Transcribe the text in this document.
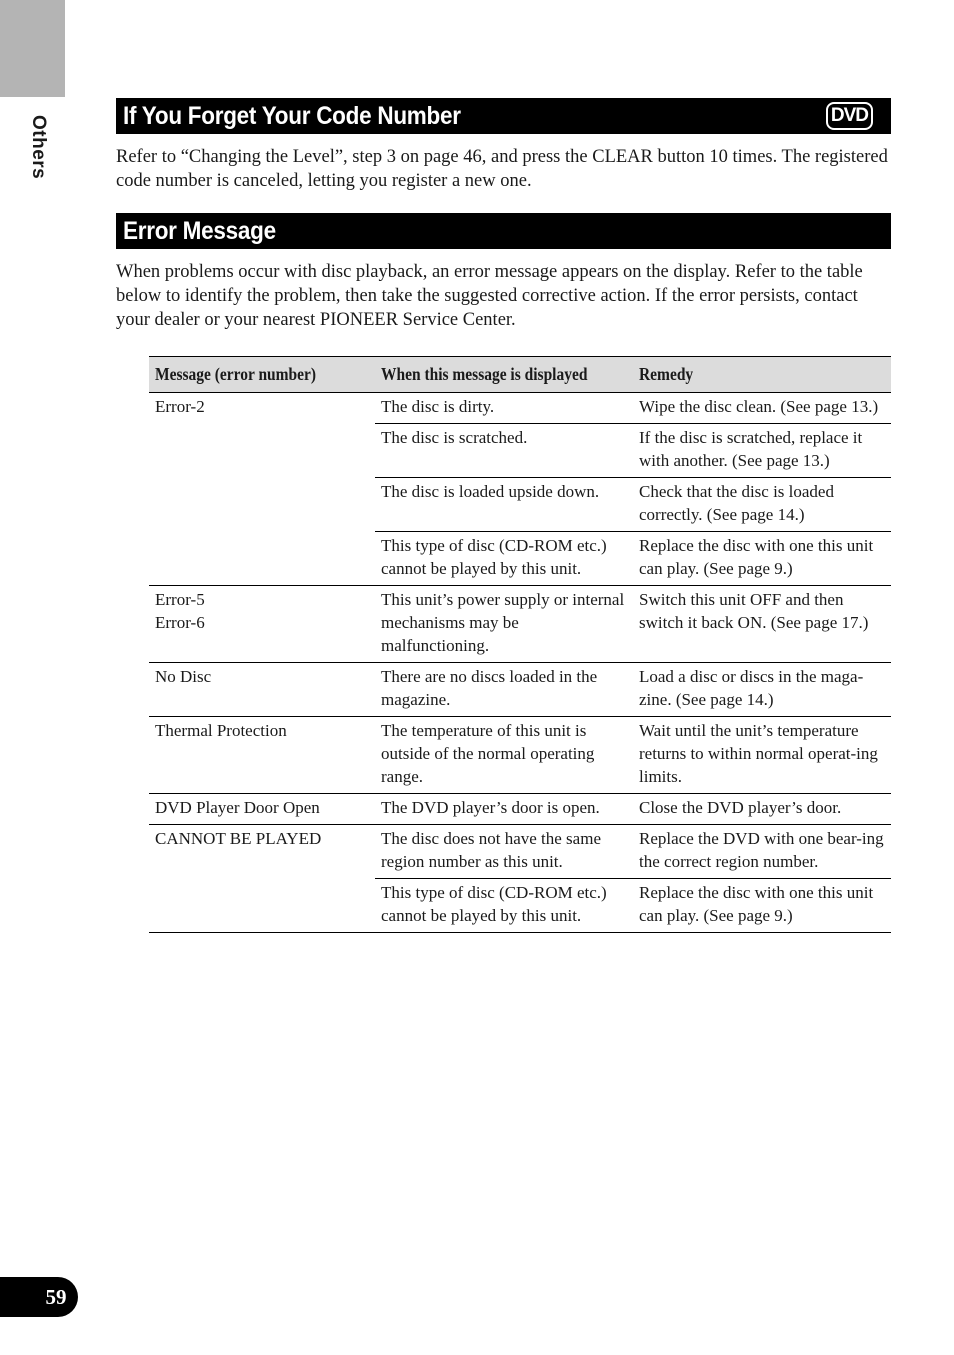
Others	If You Forget Your Code Number	DVD

Refer to “Changing the Level”, step 3 on page 46, and press the CLEAR button 10 times. The registered code number is canceled, letting you register a new one.

Error Message

When problems occur with disc playback, an error message appears on the display. Refer to the table below to identify the problem, then take the suggested corrective action. If the error persists, contact your dealer or your nearest PIONEER Service Center.

Message (error number)	When this message is displayed	Remedy
Error-2	The disc is dirty.	Wipe the disc clean. (See page 13.)
	The disc is scratched.	If the disc is scratched, replace it with another. (See page 13.)
	The disc is loaded upside down.	Check that the disc is loaded correctly. (See page 14.)
	This type of disc (CD-ROM etc.) cannot be played by this unit.	Replace the disc with one this unit can play. (See page 9.)

Error-5
Error-6	This unit’s power supply or internal mechanisms may be malfunctioning.	Switch this unit OFF and then switch it back ON. (See page 17.)
No Disc	There are no discs loaded in the magazine.	Load a disc or discs in the maga-zine. (See page 14.)
Thermal Protection	The temperature of this unit is outside of the normal operating range.	Wait until the unit’s temperature returns to within normal operat-ing limits.
DVD Player Door Open	The DVD player’s door is open.	Close the DVD player’s door.
CANNOT BE PLAYED	The disc does not have the same region number as this unit.	Replace the DVD with one bear-ing the correct region number.
	This type of disc (CD-ROM etc.) cannot be played by this unit.	Replace the disc with one this unit can play. (See page 9.)
59
